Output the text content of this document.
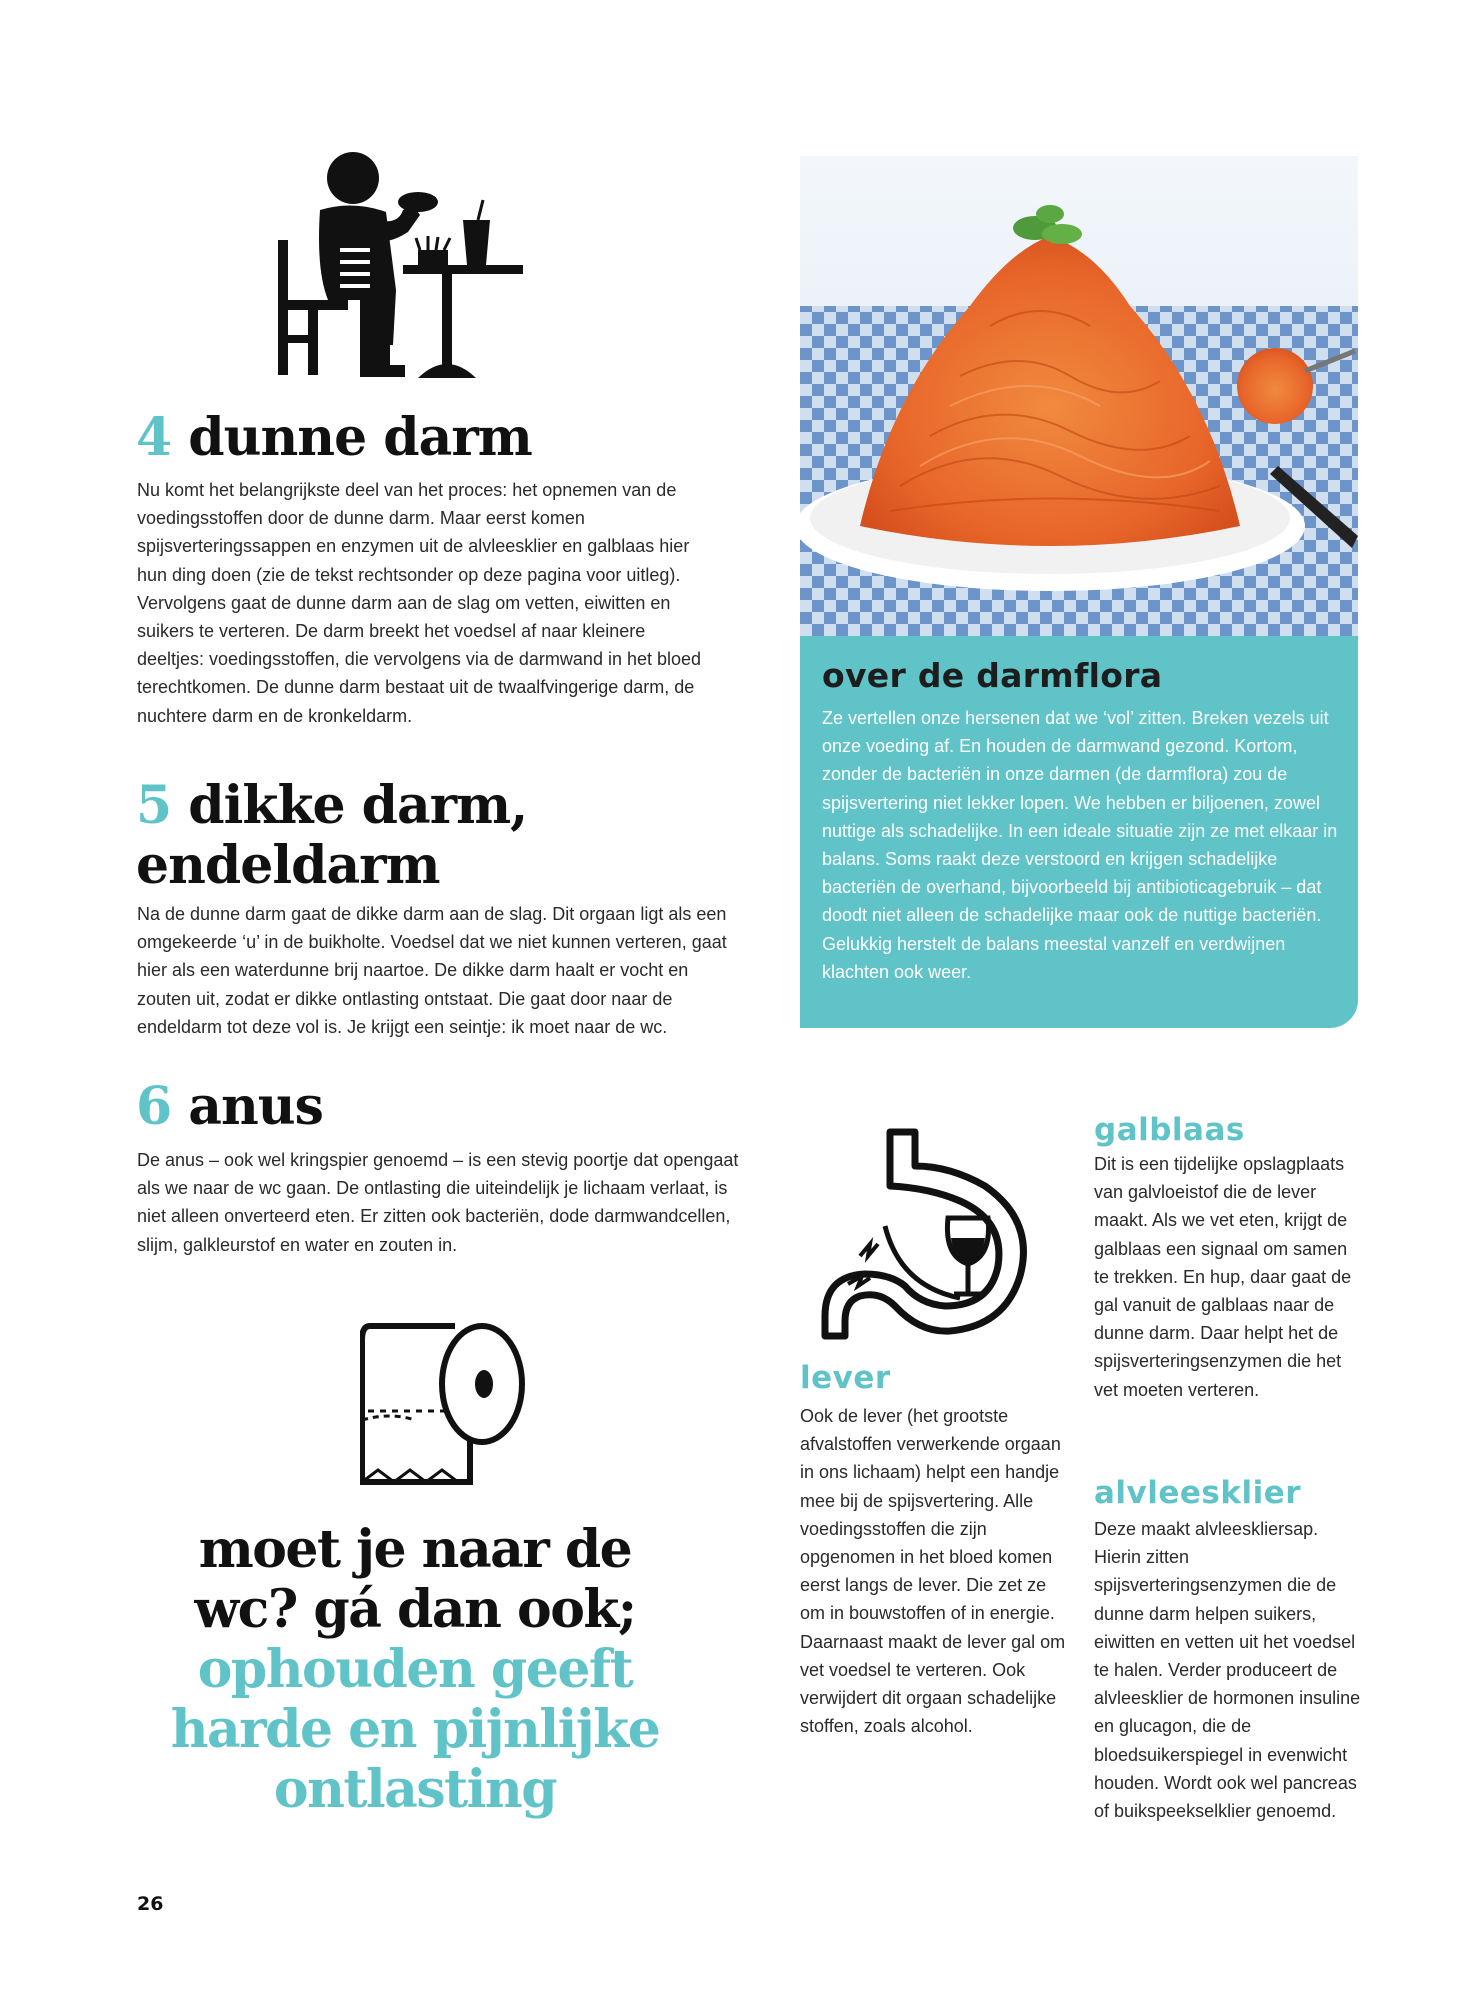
4 dunne darm
Nu komt het belangrijkste deel van het proces: het opnemen van de voedingsstoffen door de dunne darm. Maar eerst komen spijsverteringssappen en enzymen uit de alvleesklier en galblaas hier hun ding doen (zie de tekst rechtsonder op deze pagina voor uitleg). Vervolgens gaat de dunne darm aan de slag om vetten, eiwitten en suikers te verteren. De darm breekt het voedsel af naar kleinere deeltjes: voedingsstoffen, die vervolgens via de darmwand in het bloed terechtkomen. De dunne darm bestaat uit de twaalfvingerige darm, de nuchtere darm en de kronkeldarm.
5 dikke darm,
endeldarm
Na de dunne darm gaat de dikke darm aan de slag. Dit orgaan ligt als een omgekeerde ‘u’ in de buikholte. Voedsel dat we niet kunnen verteren, gaat hier als een waterdunne brij naartoe. De dikke darm haalt er vocht en zouten uit, zodat er dikke ontlasting ontstaat. Die gaat door naar de endeldarm tot deze vol is. Je krijgt een seintje: ik moet naar de wc.
6 anus
De anus – ook wel kringspier genoemd – is een stevig poortje dat opengaat als we naar de wc gaan. De ontlasting die uiteindelijk je lichaam verlaat, is niet alleen onverteerd eten. Er zitten ook bacteriën, dode darmwandcellen, slijm, galkleurstof en water en zouten in.
moet je naar de
wc? gá dan ook;
ophouden geeft
harde en pijnlijke
ontlasting
26
over de darmflora
Ze vertellen onze hersenen dat we ‘vol’ zitten. Breken vezels uit onze voeding af. En houden de darmwand gezond. Kortom, zonder de bacteriën in onze darmen (de darmflora) zou de spijsvertering niet lekker lopen. We hebben er biljoenen, zowel nuttige als schadelijke. In een ideale situatie zijn ze met elkaar in balans. Soms raakt deze verstoord en krijgen schadelijke bacteriën de overhand, bijvoorbeeld bij antibioticagebruik – dat doodt niet alleen de schadelijke maar ook de nuttige bacteriën. Gelukkig herstelt de balans meestal vanzelf en verdwijnen klachten ook weer.
lever
Ook de lever (het grootste afvalstoffen verwerkende orgaan in ons lichaam) helpt een handje mee bij de spijsvertering. Alle voedingsstoffen die zijn opgenomen in het bloed komen eerst langs de lever. Die zet ze om in bouwstoffen of in energie. Daarnaast maakt de lever gal om vet voedsel te verteren. Ook verwijdert dit orgaan schadelijke stoffen, zoals alcohol.
galblaas
Dit is een tijdelijke opslagplaats van galvloeistof die de lever maakt. Als we vet eten, krijgt de galblaas een signaal om samen te trekken. En hup, daar gaat de gal vanuit de galblaas naar de dunne darm. Daar helpt het de spijsverteringsenzymen die het vet moeten verteren.
alvleesklier
Deze maakt alvleeskliersap. Hierin zitten spijsverteringsenzymen die de dunne darm helpen suikers, eiwitten en vetten uit het voedsel te halen. Verder produceert de alvleesklier de hormonen insuline en glucagon, die de bloedsuikerspiegel in evenwicht houden. Wordt ook wel pancreas of buikspeekselklier genoemd.
